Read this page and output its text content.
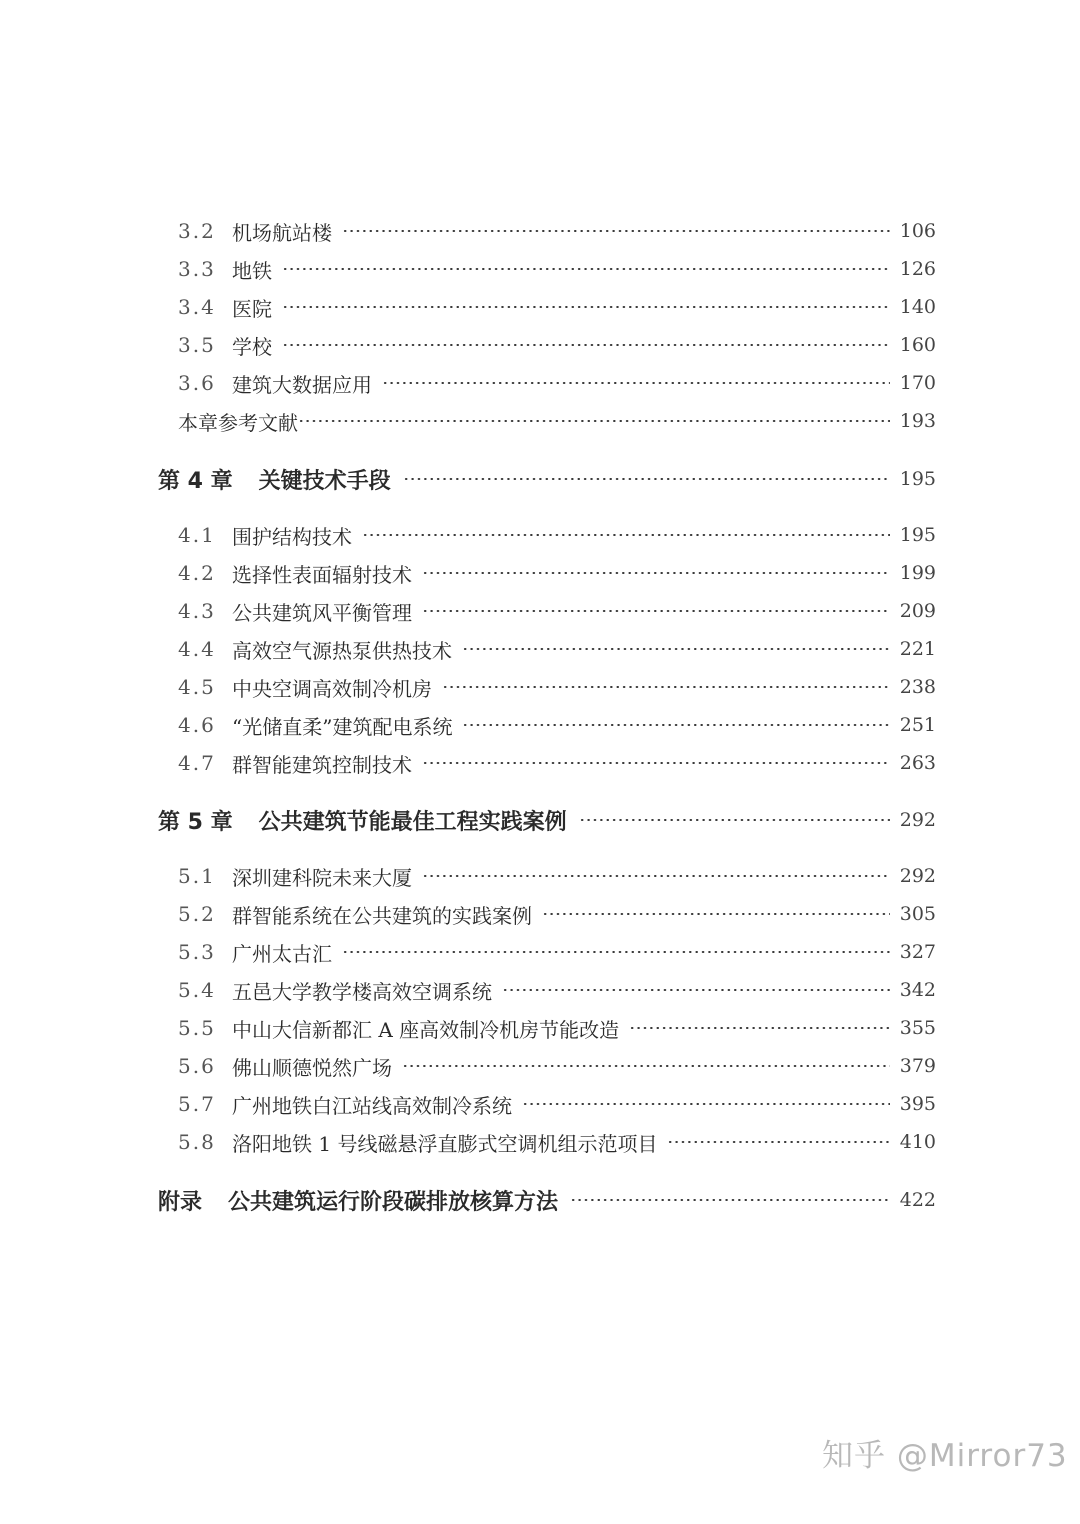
3.2 机场航站楼	106
3.3 地铁	126
3.4 医院	140
3.5 学校	160
3.6 建筑大数据应用	170
本章参考文献	193
第 4 章	关键技术手段	195
4.1 围护结构技术	195
4.2 选择性表面辐射技术	199
4.3 公共建筑风平衡管理	209
4.4 高效空气源热泵供热技术	221
4.5 中央空调高效制冷机房	238
4.6 “光储直柔”建筑配电系统	251
4.7 群智能建筑控制技术	263
第 5 章	公共建筑节能最佳工程实践案例	292
5.1 深圳建科院未来大厦	292
5.2 群智能系统在公共建筑的实践案例	305
5.3 广州太古汇	327
5.4 五邑大学教学楼高效空调系统	342
5.5 中山大信新都汇 A 座高效制冷机房节能改造	355
5.6 佛山顺德悦然广场	379
5.7 广州地铁白江站线高效制冷系统	395
5.8 洛阳地铁 1 号线磁悬浮直膨式空调机组示范项目	410
附录	公共建筑运行阶段碳排放核算方法	422
知乎 @Mirror73
